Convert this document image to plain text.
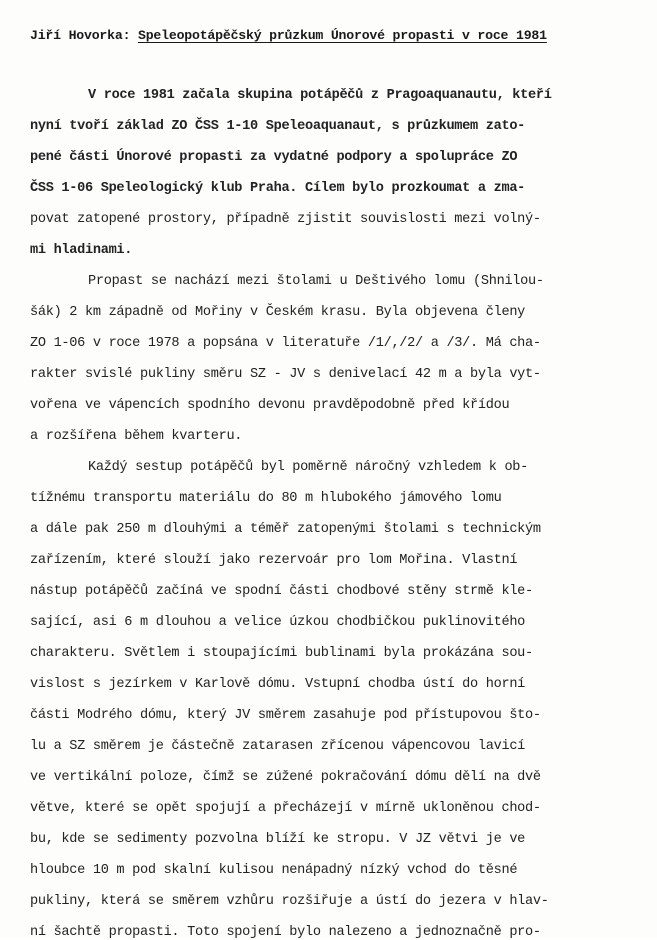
Jiří Hovorka: Speleopotápěčský průzkum Únorové propasti v roce 1981
V roce 1981 začala skupina potápěčů z Pragoaquanautu, kteří
nyní tvoří základ ZO ČSS 1-10 Speleoaquanaut, s průzkumem zato-
pené části Únorové propasti za vydatné podpory a spolupráce ZO
ČSS 1-06 Speleologický klub Praha. Cílem bylo prozkoumat a zma-
povat zatopené prostory, případně zjistit souvislosti mezi volný-
mi hladinami.
Propast se nachází mezi štolami u Deštivého lomu (Shnilou-
šák) 2 km západně od Mořiny v Českém krasu. Byla objevena členy
ZO 1-06 v roce 1978 a popsána v literatuře /1/,/2/ a /3/. Má cha-
rakter svislé pukliny směru SZ - JV s denivelací 42 m a byla vyt-
vořena ve vápencích spodního devonu pravděpodobně před křídou
a rozšířena během kvarteru.
Každý sestup potápěčů byl poměrně náročný vzhledem k ob-
tížnému transportu materiálu do 80 m hlubokého jámového lomu
a dále pak 250 m dlouhými a téměř zatopenými štolami s technickým
zařízením, které slouží jako rezervoár pro lom Mořina. Vlastní
nástup potápěčů začíná ve spodní části chodbové stěny strmě kle-
sající, asi 6 m dlouhou a velice úzkou chodbičkou puklinovitého
charakteru. Světlem i stoupajícími bublinami byla prokázána sou-
vislost s jezírkem v Karlově dómu. Vstupní chodba ústí do horní
části Modrého dómu, který JV směrem zasahuje pod přístupovou što-
lu a SZ směrem je částečně zatarasen zřícenou vápencovou lavicí
ve vertikální poloze, čímž se zúžené pokračování dómu dělí na dvě
větve, které se opět spojují a přecházejí v mírně ukloněnou chod-
bu, kde se sedimenty pozvolna blíží ke stropu. V JZ větvi je ve
hloubce 10 m pod skalní kulisou nenápadný nízký vchod do těsné
pukliny, která se směrem vzhůru rozšiřuje a ústí do jezera v hlav-
ní šachtě propasti. Toto spojení bylo nalezeno a jednoznačně pro-
